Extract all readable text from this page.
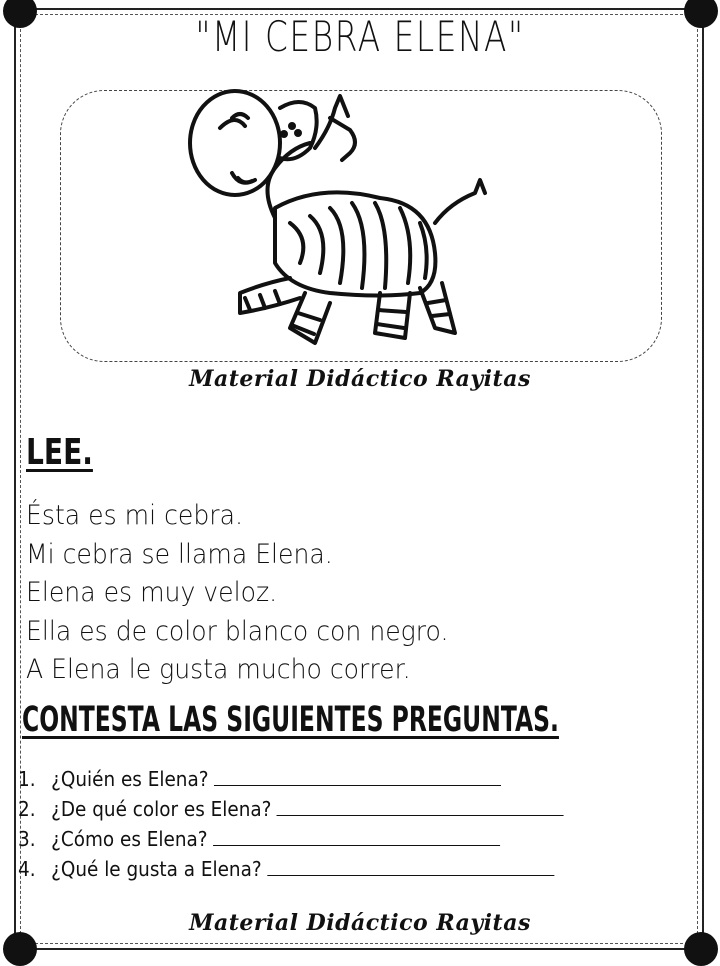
"MI CEBRA ELENA"
Material Didáctico Rayitas
LEE.
Ésta es mi cebra.
Mi cebra se llama Elena.
Elena es muy veloz.
Ella es de color blanco con negro.
A Elena le gusta mucho correr.
CONTESTA LAS SIGUIENTES PREGUNTAS.
1. ¿Quién es Elena?
2. ¿De qué color es Elena?
3. ¿Cómo es Elena?
4. ¿Qué le gusta a Elena?
Material Didáctico Rayitas
